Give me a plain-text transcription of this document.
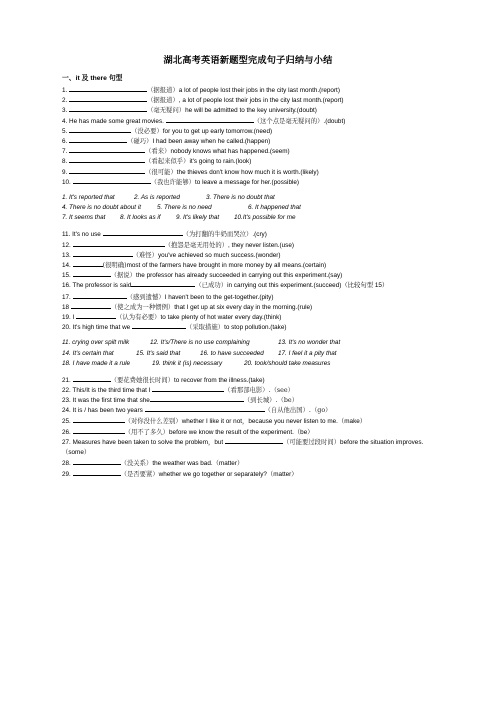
湖北高考英语新题型完成句子归纳与小结
一、it 及 there 句型
1.	（据报道）a lot of people lost their jobs in the city last month.(report)
2.	（据报道）, a lot of people lost their jobs in the city last month.(report)
3.	（毫无疑问）he will be admitted to the key university.(doubt)
4. He has made some great movies.	（这个点是毫无疑问的）.(doubt)
5.	（没必要）for you to get up early tomorrow.(need)
6.	（碰巧）I had been away when he called.(happen)
7.	（看来）nobody knows what has happened.(seem)
8.	（看起来似乎）it's going to rain.(look)
9.	（很可能）the thieves don't know how much it is worth.(likely)
10.	（我也许能够）to leave a message for her.(possible)
1. It's reported that	2. As is reported	3. There is no doubt that
4. There is no doubt about it	5. There is no need	6. It happened that
7. It seems that 8. It looks as if 9. It's likely that 10.It's possible for me
11. It's no use	（为打翻的牛奶而哭泣）.(cry)
12.	（抱怨是毫无用处的）, they never listen.(use)
13.	（难怪）you've achieved so much success.(wonder)
14.	(很明确)most of the farmers have brought in more money by all means.(certain)
15.	（据说）the professor has already succeeded in carrying out this experiment.(say)
16. The professor is said	（已成功）in carrying out this experiment.(succeed)（比较句型 15）
17.	（感到遗憾）I haven't been to the get-together.(pity)
18	（使之成为一种惯例）that I get up at six every day in the morning.(rule)
19. I	（认为有必要）to take plenty of hot water every day.(think)
20. It's high time that we	（采取措施）to stop pollution.(take)
11. crying over spilt milk	12. It's/There is no use complaining	13. It's no wonder that
14. It's certain that	15. It's said that	16. to have succeeded 17. I feel it a pity that
18. I have made it a rule	19. think it (is) necessary	20. took/should take measures
21.	（要花费她很长时间）to recover from the illness.(take)
22. This/It is the third time that I	（看那部电影）.（see）
23. It was the first time that she	（到长城）.（be）
24. It is / has been two years	（自从他出国）.（go）
25.	（对你没什么差别）whether I like it or not，because you never listen to me.（make）
26.	（用不了多久）before we know the result of the experiment.（be）
27. Measures have been taken to solve the problem，but	（可能要过段时间）before the situation improves.（some）
28.	（没关系）the weather was bad.（matter）
29.	（是否要紧）whether we go together or separately?（matter）
